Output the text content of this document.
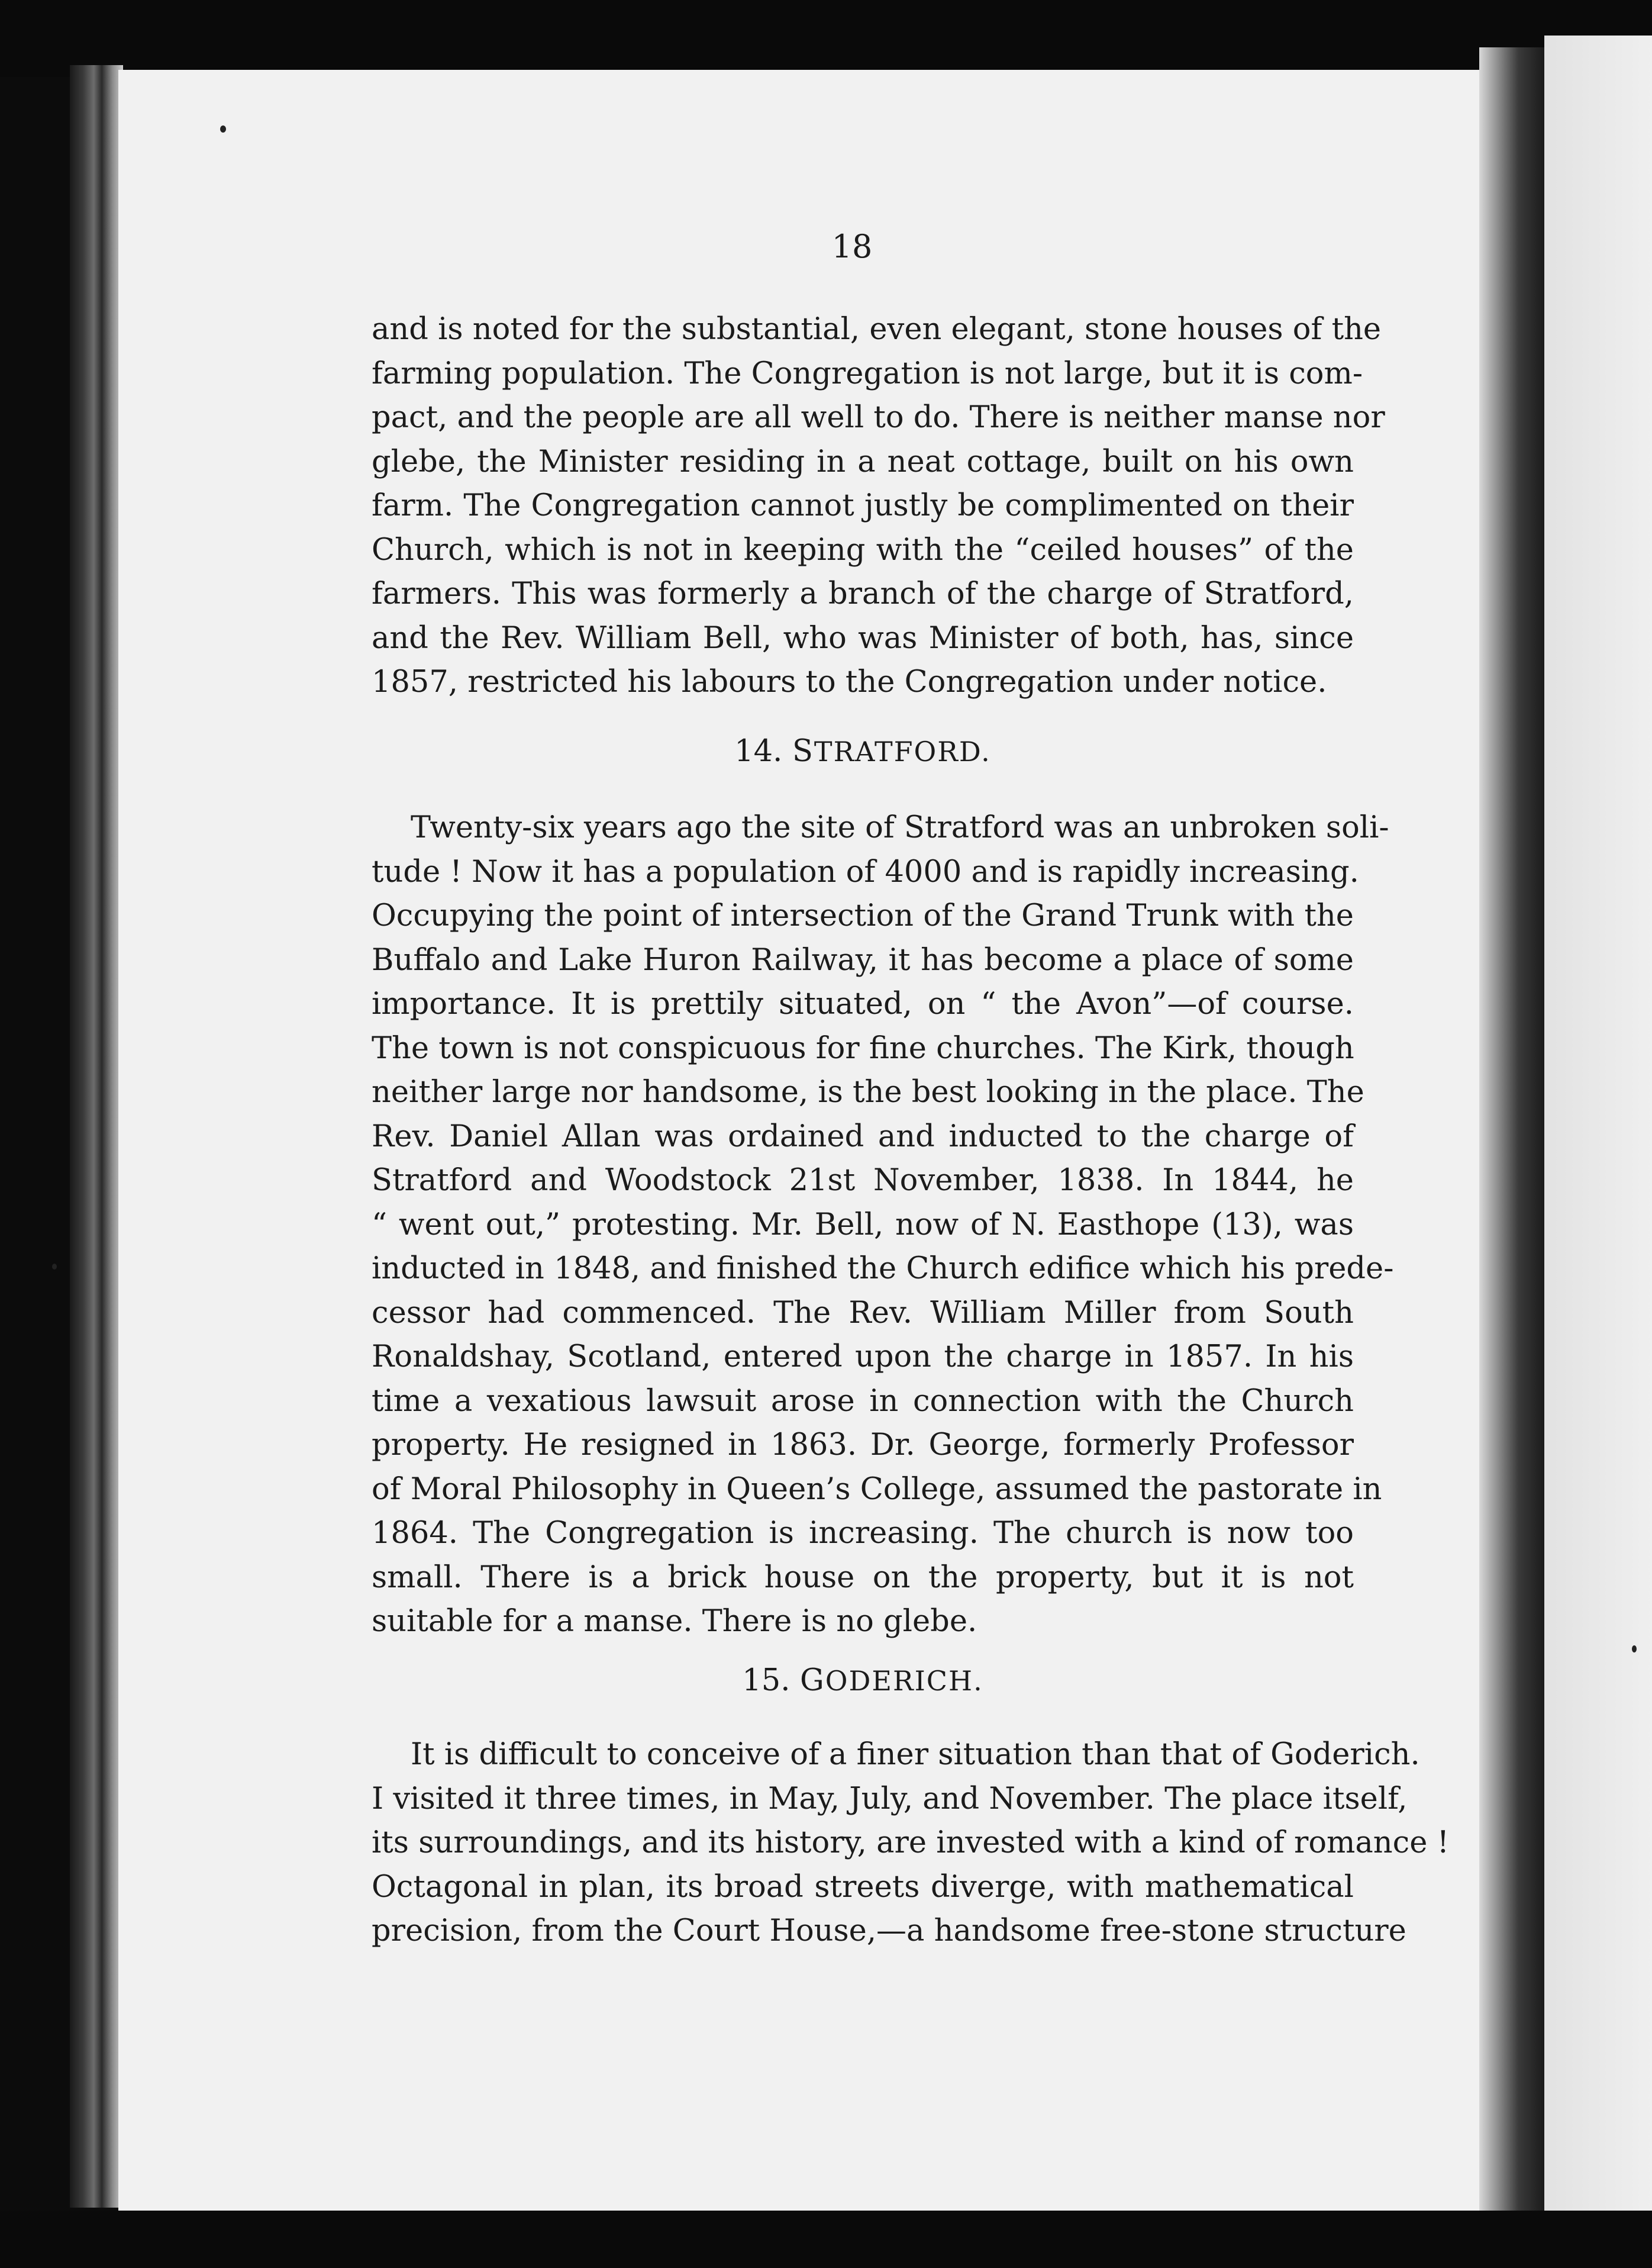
18
and is noted for the substantial, even elegant, stone houses of the
farming population. The Congregation is not large, but it is com-
pact, and the people are all well to do. There is neither manse nor
glebe, the Minister residing in a neat cottage, built on his own
farm. The Congregation cannot justly be complimented on their
Church, which is not in keeping with the “ceiled houses” of the
farmers. This was formerly a branch of the charge of Stratford,
and the Rev. William Bell, who was Minister of both, has, since
1857, restricted his labours to the Congregation under notice.
14. STRATFORD.
Twenty-six years ago the site of Stratford was an unbroken soli-
tude ! Now it has a population of 4000 and is rapidly increasing.
Occupying the point of intersection of the Grand Trunk with the
Buffalo and Lake Huron Railway, it has become a place of some
importance. It is prettily situated, on “ the Avon”—of course.
The town is not conspicuous for fine churches. The Kirk, though
neither large nor handsome, is the best looking in the place. The
Rev. Daniel Allan was ordained and inducted to the charge of
Stratford and Woodstock 21st November, 1838. In 1844, he
“ went out,” protesting. Mr. Bell, now of N. Easthope (13), was
inducted in 1848, and finished the Church edifice which his prede-
cessor had commenced. The Rev. William Miller from South
Ronaldshay, Scotland, entered upon the charge in 1857. In his
time a vexatious lawsuit arose in connection with the Church
property. He resigned in 1863. Dr. George, formerly Professor
of Moral Philosophy in Queen’s College, assumed the pastorate in
1864. The Congregation is increasing. The church is now too
small. There is a brick house on the property, but it is not
suitable for a manse. There is no glebe.
15. GODERICH.
It is difficult to conceive of a finer situation than that of Goderich.
I visited it three times, in May, July, and November. The place itself,
its surroundings, and its history, are invested with a kind of romance !
Octagonal in plan, its broad streets diverge, with mathematical
precision, from the Court House,—a handsome free-stone structure
